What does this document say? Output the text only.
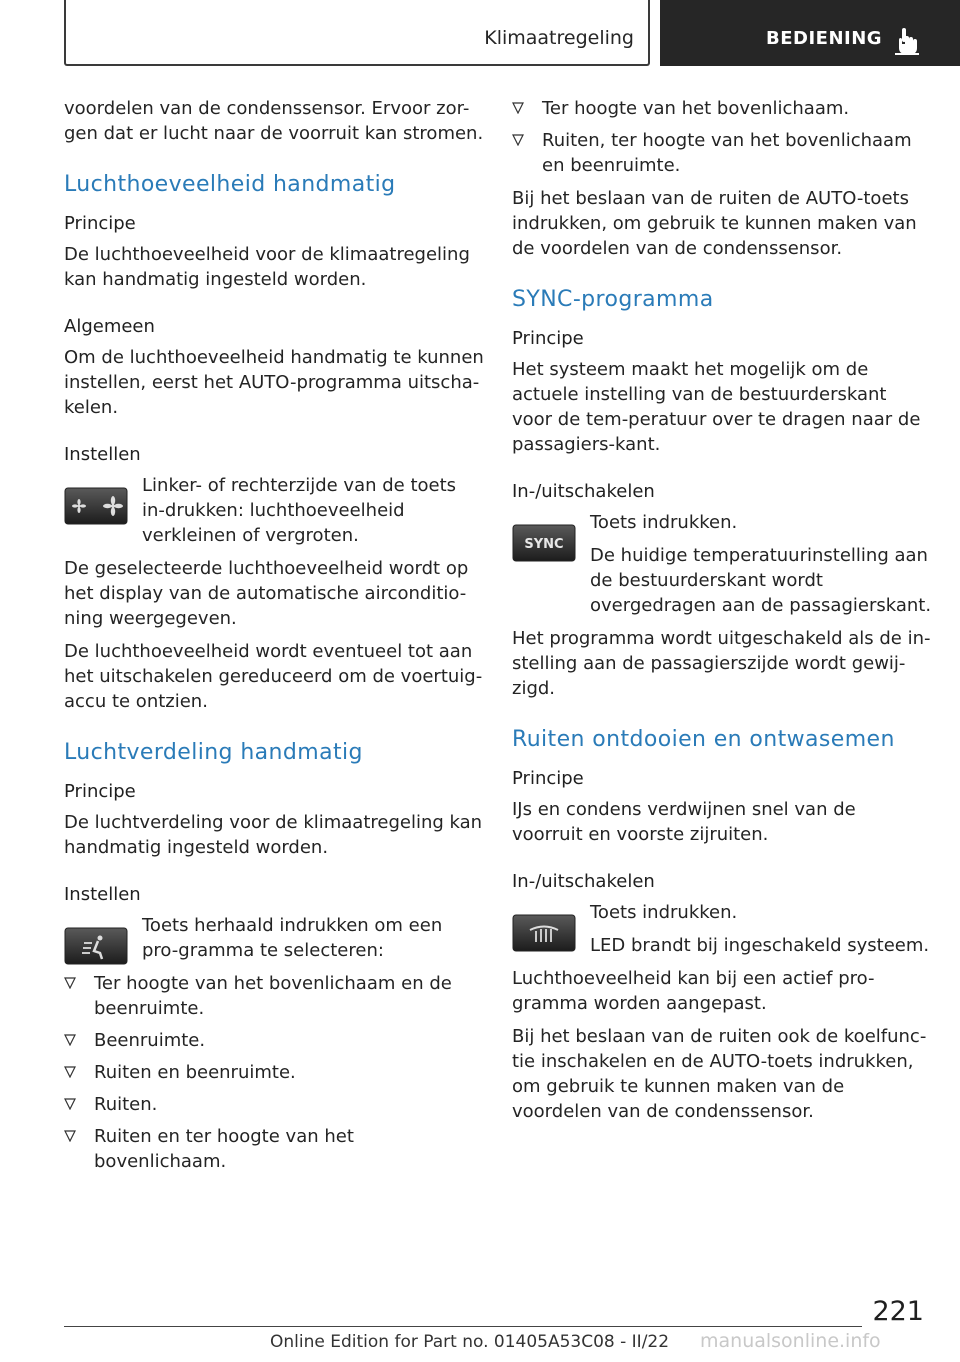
Klimaatregeling	BEDIENING

voordelen van de condenssensor. Ervoor zor-gen dat er lucht naar de voorruit kan stromen.

Luchthoeveelheid handmatig
Principe

De luchthoeveelheid voor de klimaatregeling kan handmatig ingesteld worden.

Algemeen

Om de luchthoeveelheid handmatig te kunnen instellen, eerst het AUTO-programma uitscha-kelen.

Instellen

Linker- of rechterzijde van de toets in-drukken: luchthoeveelheid verkleinen of vergroten.

De geselecteerde luchthoeveelheid wordt op het display van de automatische airconditio-ning weergegeven.

De luchthoeveelheid wordt eventueel tot aan het uitschakelen gereduceerd om de voertuig-accu te ontzien.

Luchtverdeling handmatig
Principe

De luchtverdeling voor de klimaatregeling kan handmatig ingesteld worden.

Instellen

Toets herhaald indrukken om een pro-gramma te selecteren:

Ter hoogte van het bovenlichaam en de beenruimte.
Beenruimte.
Ruiten en beenruimte.
Ruiten.
Ruiten en ter hoogte van het bovenlichaam.
Ter hoogte van het bovenlichaam.
Ruiten, ter hoogte van het bovenlichaam en beenruimte.

Bij het beslaan van de ruiten de AUTO-toets indrukken, om gebruik te kunnen maken van de voordelen van de condenssensor.

SYNC-programma
Principe

Het systeem maakt het mogelijk om de actuele instelling van de bestuurderskant voor de tem-peratuur over te dragen naar de passagiers-kant.

In-/uitschakelen
SYNC

Toets indrukken.

De huidige temperatuurinstelling aan de bestuurderskant wordt overgedragen aan de passagierskant.

Het programma wordt uitgeschakeld als de in-stelling aan de passagierszijde wordt gewij-zigd.

Ruiten ontdooien en ontwasemen
Principe

IJs en condens verdwijnen snel van de voorruit en voorste zijruiten.

In-/uitschakelen

Toets indrukken.

LED brandt bij ingeschakeld systeem.

Luchthoeveelheid kan bij een actief pro-gramma worden aangepast.

Bij het beslaan van de ruiten ook de koelfunc-tie inschakelen en de AUTO-toets indrukken, om gebruik te kunnen maken van de voordelen van de condenssensor.

221
Online Edition for Part no. 01405A53C08 - II/22 manualsonline.info
